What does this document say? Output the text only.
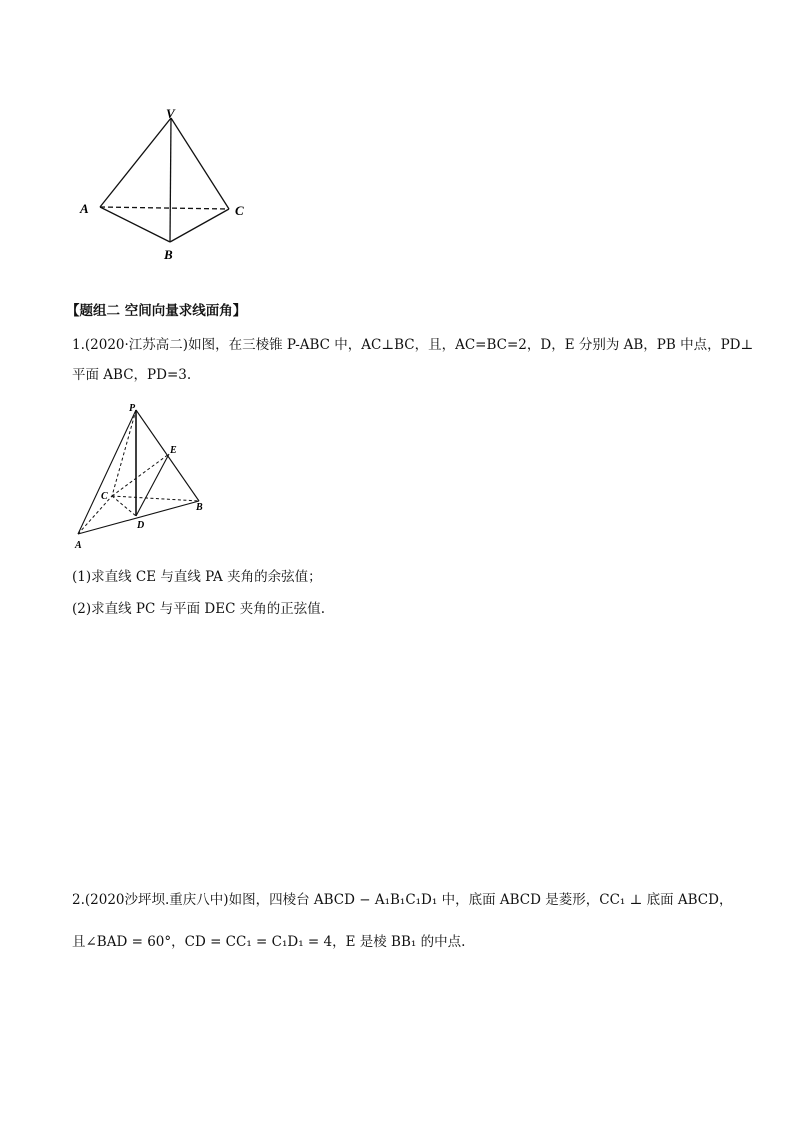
V
A
B
C
【题组二 空间向量求线面角】
1.(2020·江苏高二)如图，在三棱锥 P-ABC 中，AC⊥BC，且，AC=BC=2，D，E 分别为 AB，PB 中点，PD⊥
平面 ABC，PD=3.
P
E
C
B
D
A
(1)求直线 CE 与直线 PA 夹角的余弦值；
(2)求直线 PC 与平面 DEC 夹角的正弦值.
2.(2020沙坪坝.重庆八中)如图，四棱台 ABCD − A₁B₁C₁D₁ 中，底面 ABCD 是菱形，CC₁ ⊥ 底面 ABCD，
且∠BAD = 60°，CD = CC₁ = C₁D₁ = 4，E 是棱 BB₁ 的中点.
